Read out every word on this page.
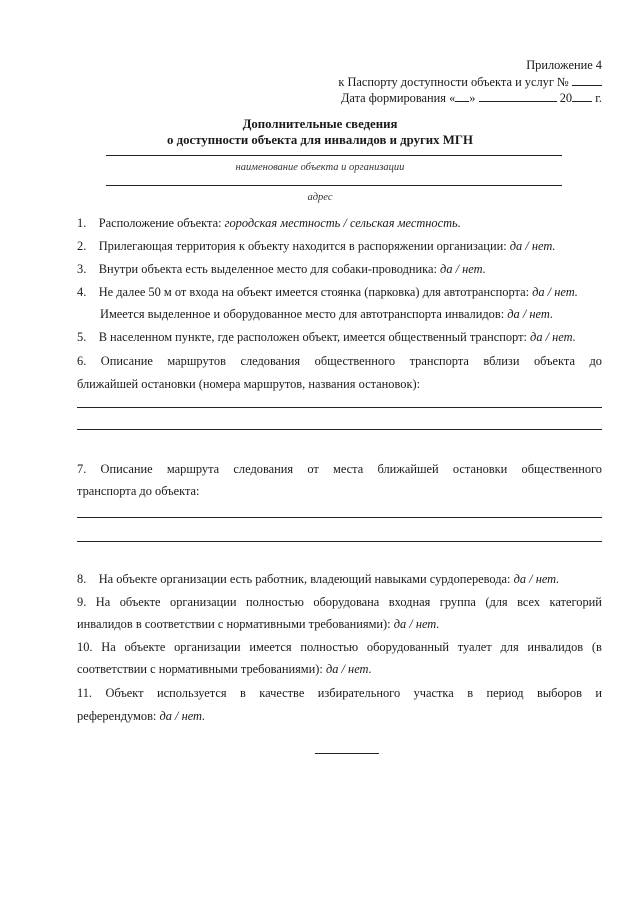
Приложение 4
к Паспорту доступности объекта и услуг №
Дата формирования « »	20 г.
Дополнительные сведения
о доступности объекта для инвалидов и других МГН
наименование объекта и организации
адрес
1. Расположение объекта: городская местность / сельская местность.
2. Прилегающая территория к объекту находится в распоряжении организации: да / нет.
3. Внутри объекта есть выделенное место для собаки-проводника: да / нет.
4. Не далее 50 м от входа на объект имеется стоянка (парковка) для автотранспорта: да / нет.
Имеется выделенное и оборудованное место для автотранспорта инвалидов: да / нет.
5. В населенном пункте, где расположен объект, имеется общественный транспорт: да / нет.
6. Описание маршрутов следования общественного транспорта вблизи объекта до
ближайшей остановки (номера маршрутов, названия остановок):
7. Описание маршрута следования от места ближайшей остановки общественного
транспорта до объекта:
8. На объекте организации есть работник, владеющий навыками сурдоперевода: да / нет.
9. На объекте организации полностью оборудована входная группа (для всех категорий
инвалидов в соответствии с нормативными требованиями): да / нет.
10. На объекте организации имеется полностью оборудованный туалет для инвалидов (в
соответствии с нормативными требованиями): да / нет.
11. Объект используется в качестве избирательного участка в период выборов и
референдумов: да / нет.
